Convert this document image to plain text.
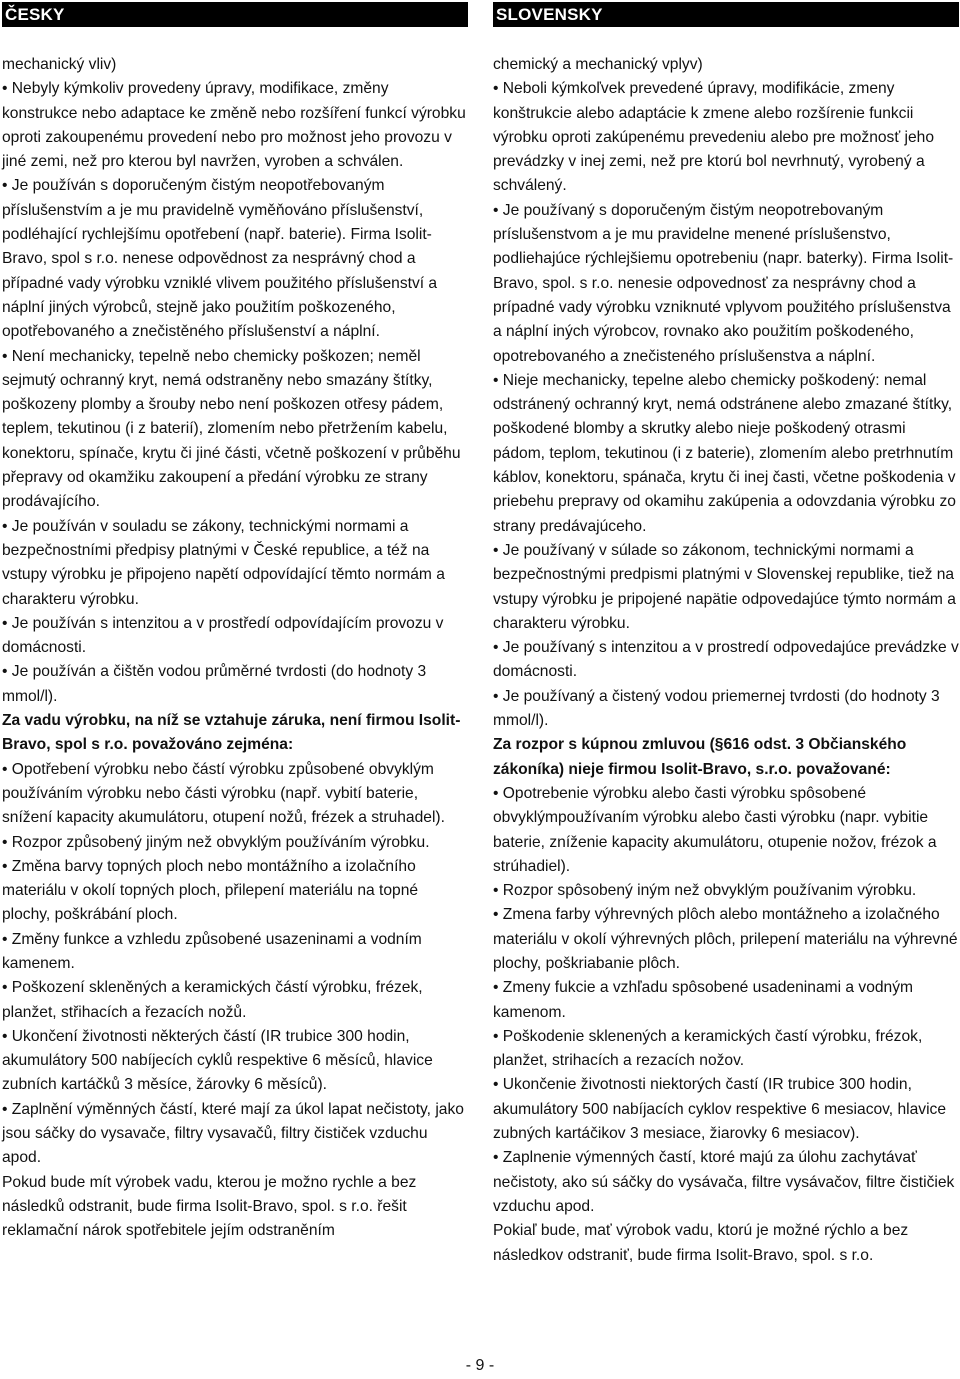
ČESKY

mechanický vliv)

• Nebyly kýmkoliv provedeny úpravy, modifikace, změny konstrukce nebo adaptace ke změně nebo rozšíření funkcí výrobku oproti zakoupenému provedení nebo pro možnost jeho provozu v jiné zemi, než pro kterou byl navržen, vyroben a schválen.

• Je používán s doporučeným čistým neopotřebovaným příslušenstvím a je mu pravidelně vyměňováno příslušenství, podléhající rychlejšímu opotřebení (např. baterie). Firma Isolit-Bravo, spol s r.o. nenese odpovědnost za nesprávný chod a případné vady výrobku vzniklé vlivem použitého příslušenství a náplní jiných výrobců, stejně jako použitím poškozeného, opotřebovaného a znečistěného příslušenství a náplní.

• Není mechanicky, tepelně nebo chemicky poškozen; neměl sejmutý ochranný kryt, nemá odstraněny nebo smazány štítky, poškozeny plomby a šrouby nebo není poškozen otřesy pádem, teplem, tekutinou (i z baterií), zlomením nebo přetržením kabelu, konektoru, spínače, krytu či jiné části, včetně poškození v průběhu přepravy od okamžiku zakoupení a předání výrobku ze strany prodávajícího.

• Je používán v souladu se zákony, technickými normami a bezpečnostními předpisy platnými v České republice, a též na vstupy výrobku je připojeno napětí odpovídající těmto normám a charakteru výrobku.

• Je používán s intenzitou a v prostředí odpovídajícím provozu v domácnosti.

• Je používán a čištěn vodou průměrné tvrdosti (do hodnoty 3 mmol/l).

Za vadu výrobku, na níž se vztahuje záruka, není firmou Isolit-Bravo, spol s r.o. považováno zejména:

• Opotřebení výrobku nebo částí výrobku způsobené obvyklým používáním výrobku nebo části výrobku (např. vybití baterie, snížení kapacity akumulátoru, otupení nožů, frézek a struhadel).

• Rozpor způsobený jiným než obvyklým používáním výrobku.

• Změna barvy topných ploch nebo montážního a izolačního materiálu v okolí topných ploch, přilepení materiálu na topné plochy, poškrábání ploch.

• Změny funkce a vzhledu způsobené usazeninami a vodním kamenem.

• Poškození skleněných a keramických částí výrobku, frézek, planžet, střihacích a řezacích nožů.

• Ukončení životnosti některých částí (IR trubice 300 hodin, akumulátory 500 nabíjecích cyklů respektive 6 měsíců, hlavice zubních kartáčků 3 měsíce, žárovky 6 měsíců).

• Zaplnění výměnných částí, které mají za úkol lapat nečistoty, jako jsou sáčky do vysavače, filtry vysavačů, filtry čističek vzduchu apod.

Pokud bude mít výrobek vadu, kterou je možno rychle a bez následků odstranit, bude firma Isolit-Bravo, spol. s r.o. řešit reklamační nárok spotřebitele jejím odstraněním

SLOVENSKY

chemický a mechanický vplyv)

• Neboli kýmkoľvek prevedené úpravy, modifikácie, zmeny konštrukcie alebo adaptácie k zmene alebo rozšírenie funkcii výrobku oproti zakúpenému prevedeniu alebo pre možnosť jeho prevádzky v inej zemi, než pre ktorú bol nevrhnutý, vyrobený a schválený.

• Je používaný s doporučeným čistým neopotrebovaným príslušenstvom a je mu pravidelne menené príslušenstvo, podliehajúce rýchlejšiemu opotrebeniu (napr. baterky). Firma Isolit-Bravo, spol. s r.o. nenesie odpovednosť za nesprávny chod a prípadné vady výrobku vzniknuté vplyvom použitého príslušenstva a náplní iných výrobcov, rovnako ako použitím poškodeného, opotrebovaného a znečisteného príslušenstva a náplní.

• Nieje mechanicky, tepelne alebo chemicky poškodený: nemal odstránený ochranný kryt, nemá odstránene alebo zmazané štítky, poškodené blomby a skrutky alebo nieje poškodený otrasmi pádom, teplom, tekutinou (i z baterie), zlomením alebo pretrhnutím káblov, konektoru, spánača, krytu či inej časti, včetne poškodenia v priebehu prepravy od okamihu zakúpenia a odovzdania výrobku zo strany predávajúceho.

• Je používaný v súlade so zákonom, technickými normami a bezpečnostnými predpismi platnými v Slovenskej republike, tiež na vstupy výrobku je pripojené napätie odpovedajúce týmto normám a charakteru výrobku.

• Je používaný s intenzitou a v prostredí odpovedajúce prevádzke v domácnosti.

• Je používaný a čistený vodou priemernej tvrdosti (do hodnoty 3 mmol/l).

Za rozpor s kúpnou zmluvou (§616 odst. 3 Občianského zákoníka) nieje firmou Isolit-Bravo, s.r.o. považované:

• Opotrebenie výrobku alebo časti výrobku spôsobené obvyklýmpoužívaním výrobku alebo časti výrobku (napr. vybitie baterie, zníženie kapacity akumulátoru, otupenie nožov, frézok a strúhadiel).

• Rozpor spôsobený iným než obvyklým používanim výrobku.

• Zmena farby výhrevných plôch alebo montážneho a izolačného materiálu v okolí výhrevných plôch, prilepení materiálu na výhrevné plochy, poškriabanie plôch.

• Zmeny fukcie a vzhľadu spôsobené usadeninami a vodným kamenom.

• Poškodenie sklenených a keramických častí výrobku, frézok, planžet, strihacích a rezacích nožov.

• Ukončenie životnosti niektorých častí (IR trubice 300 hodin, akumulátory 500 nabíjacích cyklov respektive 6 mesiacov, hlavice zubných kartáčikov 3 mesiace, žiarovky 6 mesiacov).

• Zaplnenie výmenných častí, ktoré majú za úlohu zachytávať nečistoty, ako sú sáčky do vysávača, filtre vysávačov, filtre čističiek vzduchu apod.

Pokiaľ bude, mať výrobok vadu, ktorú je možné rýchlo a bez následkov odstraniť, bude firma Isolit-Bravo, spol. s r.o.

- 9 -
